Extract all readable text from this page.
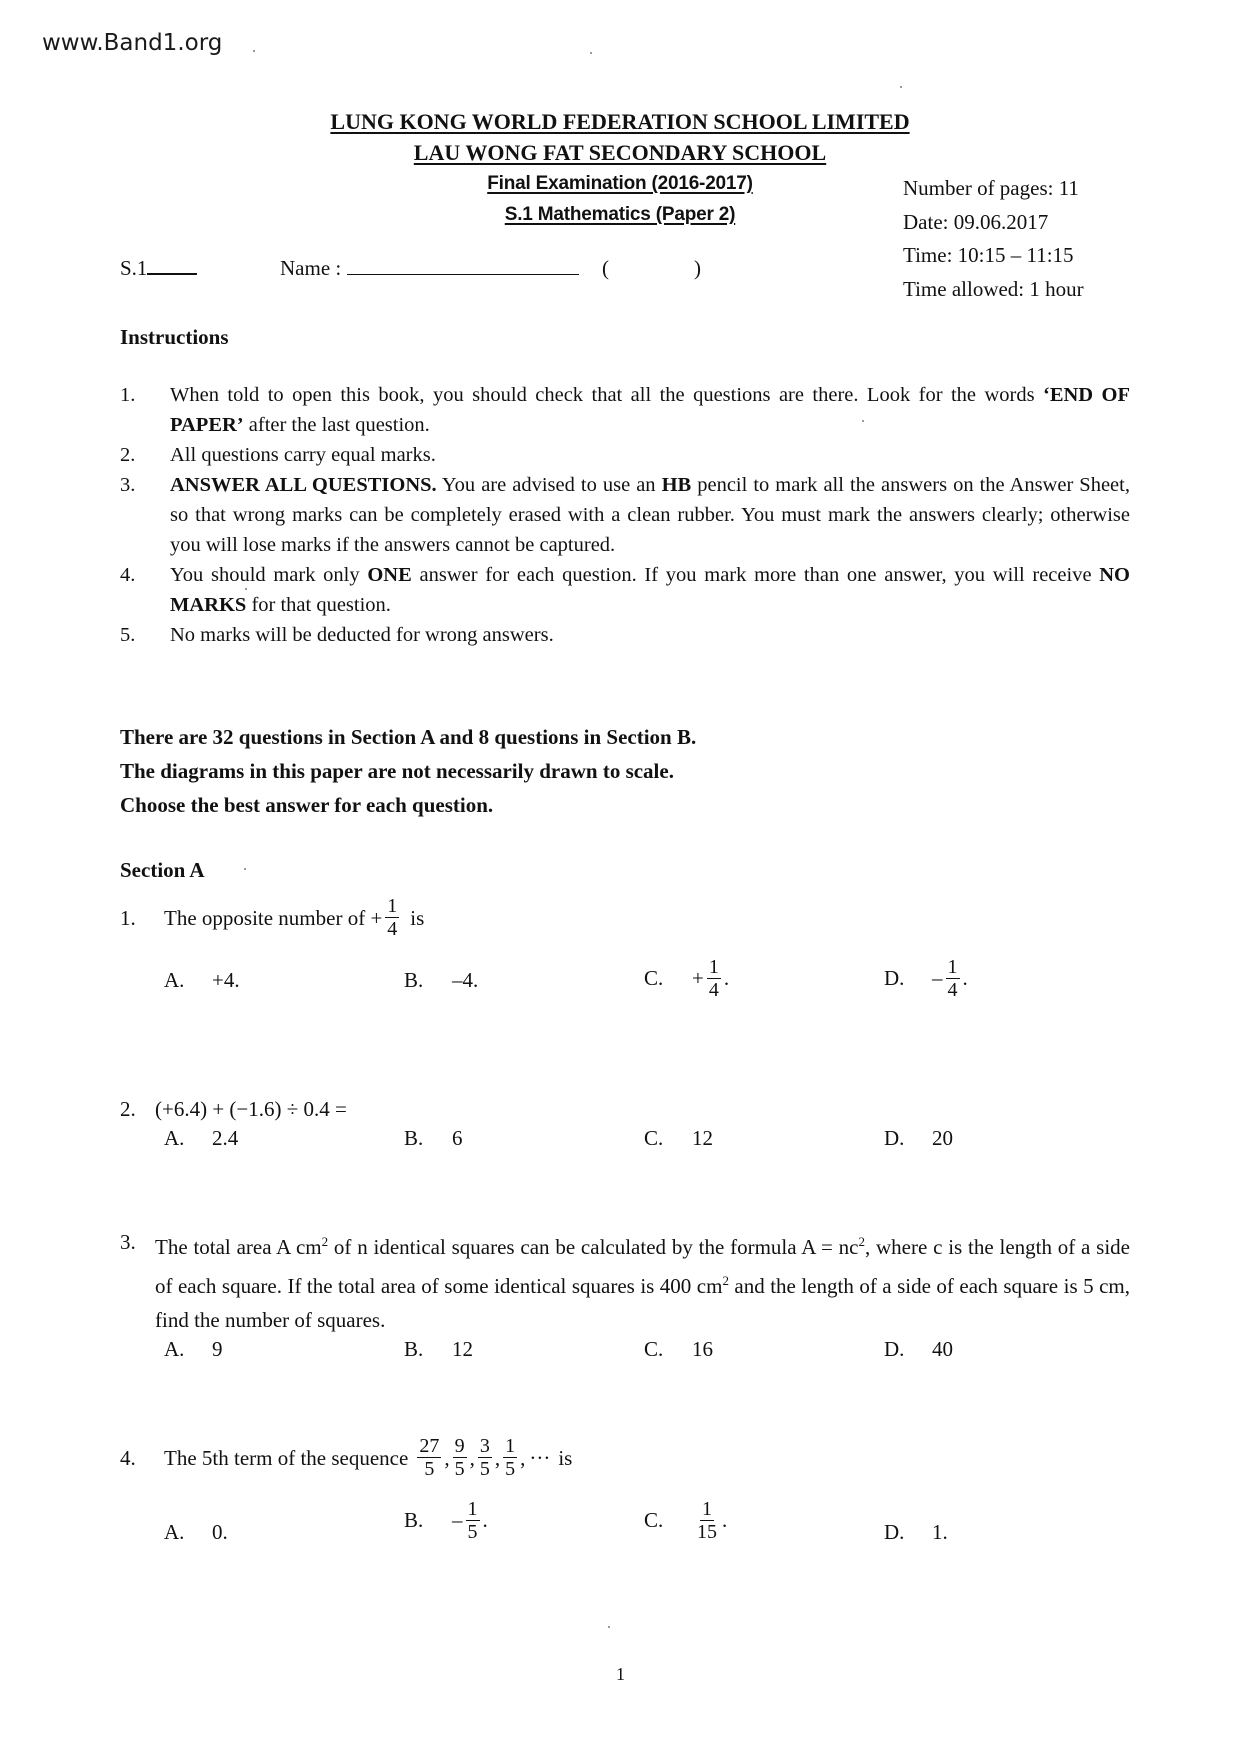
www.Band1.org
LUNG KONG WORLD FEDERATION SCHOOL LIMITED
LAU WONG FAT SECONDARY SCHOOL
Final Examination (2016-2017)
S.1 Mathematics (Paper 2)
Number of pages: 11
Date: 09.06.2017
Time: 10:15 – 11:15
Time allowed: 1 hour
S.1	Name :	(	)
Instructions
1.	When told to open this book, you should check that all the questions are there. Look for the words ‘END OF PAPER’ after the last question.
2.	All questions carry equal marks.
3.	ANSWER ALL QUESTIONS. You are advised to use an HB pencil to mark all the answers on the Answer Sheet, so that wrong marks can be completely erased with a clean rubber. You must mark the answers clearly; otherwise you will lose marks if the answers cannot be captured.
4.	You should mark only ONE answer for each question. If you mark more than one answer, you will receive NO MARKS for that question.
5.	No marks will be deducted for wrong answers.
There are 32 questions in Section A and 8 questions in Section B.
The diagrams in this paper are not necessarily drawn to scale.
Choose the best answer for each question.
Section A
1.	The opposite number of + $\frac{1}{4}$ is
A.	+4.	B.	–4.	C.	+ $\frac{1}{4}$ .	D.	– $\frac{1}{4}$ .
2. (+6.4) + (−1.6) ÷ 0.4 =
A.	2.4	B.	6	C.	12	D.	20
3. The total area A $cm^2$ of n identical squares can be calculated by the formula $A = nc^2$, where c is the length of a side of each square. If the total area of some identical squares is 400 $cm^2$ and the length of a side of each square is 5 cm, find the number of squares.
A.	9	B.	12	C.	16	D.	40
4.	The 5th term of the sequence $\frac{27}{5}$ , $\frac{9}{5}$ , $\frac{3}{5}$ , $\frac{1}{5}$ , ··· is
A.	0.	B.	– $\frac{1}{5}$ .	C.	$\frac{1}{15}$ .	D.	1.
1
